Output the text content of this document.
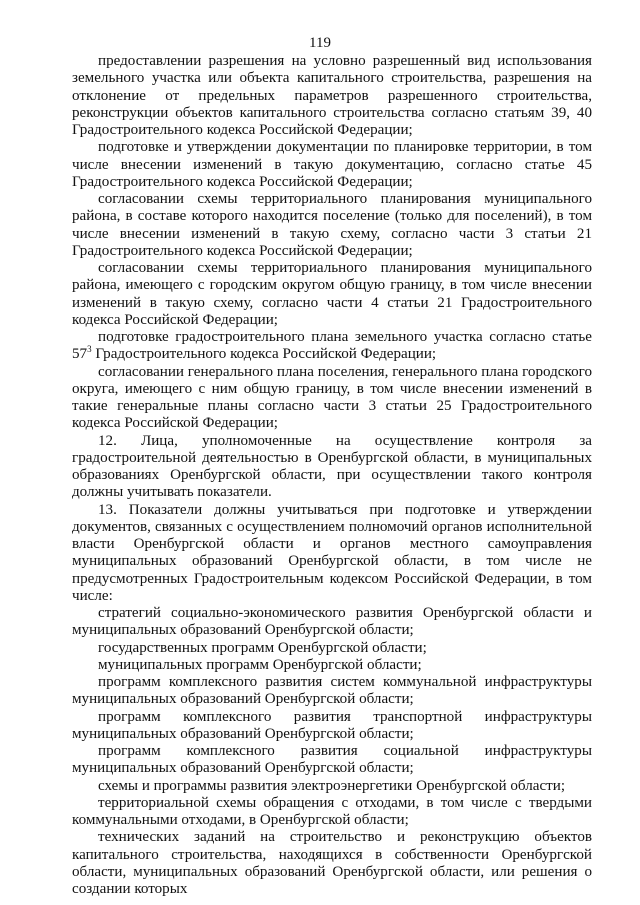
119

предоставлении разрешения на условно разрешенный вид использования земельного участка или объекта капитального строительства, разрешения на отклонение от предельных параметров разрешенного строительства, реконструкции объектов капитального строительства согласно статьям 39, 40 Градостроительного кодекса Российской Федерации;

подготовке и утверждении документации по планировке территории, в том числе внесении изменений в такую документацию, согласно статье 45 Градостроительного кодекса Российской Федерации;

согласовании схемы территориального планирования муниципального района, в составе которого находится поселение (только для поселений), в том числе внесении изменений в такую схему, согласно части 3 статьи 21 Градостроительного кодекса Российской Федерации;

согласовании схемы территориального планирования муниципального района, имеющего с городским округом общую границу, в том числе внесении изменений в такую схему, согласно части 4 статьи 21 Градостроительного кодекса Российской Федерации;

подготовке градостроительного плана земельного участка согласно статье $57^3$ Градостроительного кодекса Российской Федерации;

согласовании генерального плана поселения, генерального плана городского округа, имеющего с ним общую границу, в том числе внесении изменений в такие генеральные планы согласно части 3 статьи 25 Градостроительного кодекса Российской Федерации;

12. Лица, уполномоченные на осуществление контроля за градостроительной деятельностью в Оренбургской области, в муниципальных образованиях Оренбургской области, при осуществлении такого контроля должны учитывать показатели.

13. Показатели должны учитываться при подготовке и утверждении документов, связанных с осуществлением полномочий органов исполнительной власти Оренбургской области и органов местного самоуправления муниципальных образований Оренбургской области, в том числе не предусмотренных Градостроительным кодексом Российской Федерации, в том числе:

стратегий социально-экономического развития Оренбургской области и муниципальных образований Оренбургской области;

государственных программ Оренбургской области;

муниципальных программ Оренбургской области;

программ комплексного развития систем коммунальной инфраструктуры муниципальных образований Оренбургской области;

программ комплексного развития транспортной инфраструктуры муниципальных образований Оренбургской области;

программ комплексного развития социальной инфраструктуры муниципальных образований Оренбургской области;

схемы и программы развития электроэнергетики Оренбургской области;

территориальной схемы обращения с отходами, в том числе с твердыми коммунальными отходами, в Оренбургской области;

технических заданий на строительство и реконструкцию объектов капитального строительства, находящихся в собственности Оренбургской области, муниципальных образований Оренбургской области, или решения о создании которых
